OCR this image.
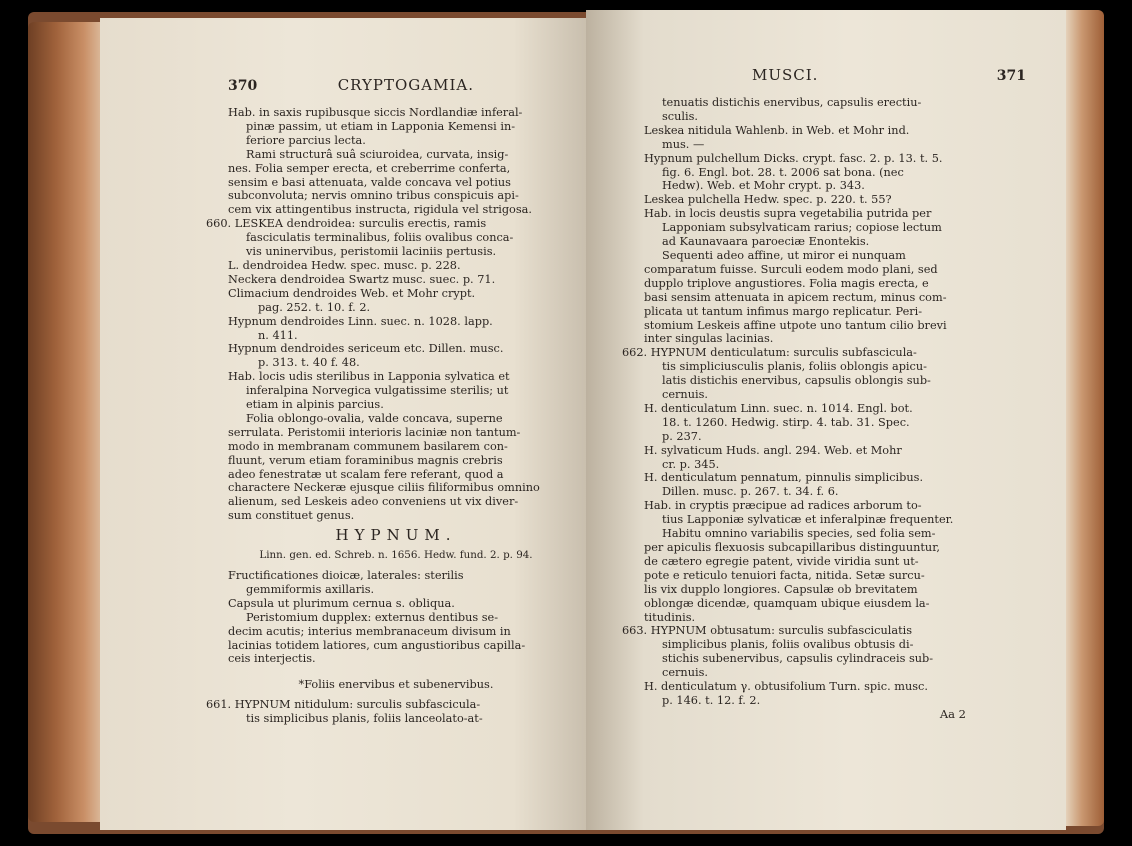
370	CRYPTOGAMIA.

Hab. in saxis rupibusque siccis Nordlandiæ inferal-

pinæ passim, ut etiam in Lapponia Kemensi in-

feriore parcius lecta.

Rami structurâ suâ sciuroidea, curvata, insig-

nes. Folia semper erecta, et creberrime conferta,

sensim e basi attenuata, valde concava vel potius

subconvoluta; nervis omnino tribus conspicuis api-

cem vix attingentibus instructa, rigidula vel strigosa.

660. LESKEA dendroidea: surculis erectis, ramis

fasciculatis terminalibus, foliis ovalibus conca-

vis uninervibus, peristomii laciniis pertusis.

L. dendroidea Hedw. spec. musc. p. 228.

Neckera dendroidea Swartz musc. suec. p. 71.

Climacium dendroides Web. et Mohr crypt.

pag. 252. t. 10. f. 2.

Hypnum dendroides Linn. suec. n. 1028. lapp.

n. 411.

Hypnum dendroides sericeum etc. Dillen. musc.

p. 313. t. 40 f. 48.

Hab. locis udis sterilibus in Lapponia sylvatica et

inferalpina Norvegica vulgatissime sterilis; ut

etiam in alpinis parcius.

Folia oblongo-ovalia, valde concava, superne

serrulata. Peristomii interioris laciniæ non tantum-

modo in membranam communem basilarem con-

fluunt, verum etiam foraminibus magnis crebris

adeo fenestratæ ut scalam fere referant, quod a

charactere Neckeræ ejusque ciliis filiformibus omnino

alienum, sed Leskeis adeo conveniens ut vix diver-

sum constituet genus.

HYPNUM.

Linn. gen. ed. Schreb. n. 1656. Hedw. fund. 2. p. 94.

Fructificationes dioicæ, laterales: sterilis

gemmiformis axillaris.

Capsula ut plurimum cernua s. obliqua.

Peristomium dupplex: externus dentibus se-

decim acutis; interius membranaceum divisum in

lacinias totidem latiores, cum angustioribus capilla-

ceis interjectis.

*Foliis enervibus et subenervibus.

661. HYPNUM nitidulum: surculis subfascicula-

tis simplicibus planis, foliis lanceolato-at-

MUSCI.	371

tenuatis distichis enervibus, capsulis erectiu-

sculis.

Leskea nitidula Wahlenb. in Web. et Mohr ind.

mus. —

Hypnum pulchellum Dicks. crypt. fasc. 2. p. 13. t. 5.

fig. 6. Engl. bot. 28. t. 2006 sat bona. (nec

Hedw). Web. et Mohr crypt. p. 343.

Leskea pulchella Hedw. spec. p. 220. t. 55?

Hab. in locis deustis supra vegetabilia putrida per

Lapponiam subsylvaticam rarius; copiose lectum

ad Kaunavaara paroeciæ Enontekis.

Sequenti adeo affine, ut miror ei nunquam

comparatum fuisse. Surculi eodem modo plani, sed

dupplo triplove angustiores. Folia magis erecta, e

basi sensim attenuata in apicem rectum, minus com-

plicata ut tantum infimus margo replicatur. Peri-

stomium Leskeis affine utpote uno tantum cilio brevi

inter singulas lacinias.

662. HYPNUM denticulatum: surculis subfascicula-

tis simpliciusculis planis, foliis oblongis apicu-

latis distichis enervibus, capsulis oblongis sub-

cernuis.

H. denticulatum Linn. suec. n. 1014. Engl. bot.

18. t. 1260. Hedwig. stirp. 4. tab. 31. Spec.

p. 237.

H. sylvaticum Huds. angl. 294. Web. et Mohr

cr. p. 345.

H. denticulatum pennatum, pinnulis simplicibus.

Dillen. musc. p. 267. t. 34. f. 6.

Hab. in cryptis præcipue ad radices arborum to-

tius Lapponiæ sylvaticæ et inferalpinæ frequenter.

Habitu omnino variabilis species, sed folia sem-

per apiculis flexuosis subcapillaribus distinguuntur,

de cætero egregie patent, vivide viridia sunt ut-

pote e reticulo tenuiori facta, nitida. Setæ surcu-

lis vix dupplo longiores. Capsulæ ob brevitatem

oblongæ dicendæ, quamquam ubique eiusdem la-

titudinis.

663. HYPNUM obtusatum: surculis subfasciculatis

simplicibus planis, foliis ovalibus obtusis di-

stichis subenervibus, capsulis cylindraceis sub-

cernuis.

H. denticulatum γ. obtusifolium Turn. spic. musc.

p. 146. t. 12. f. 2.

Aa 2
